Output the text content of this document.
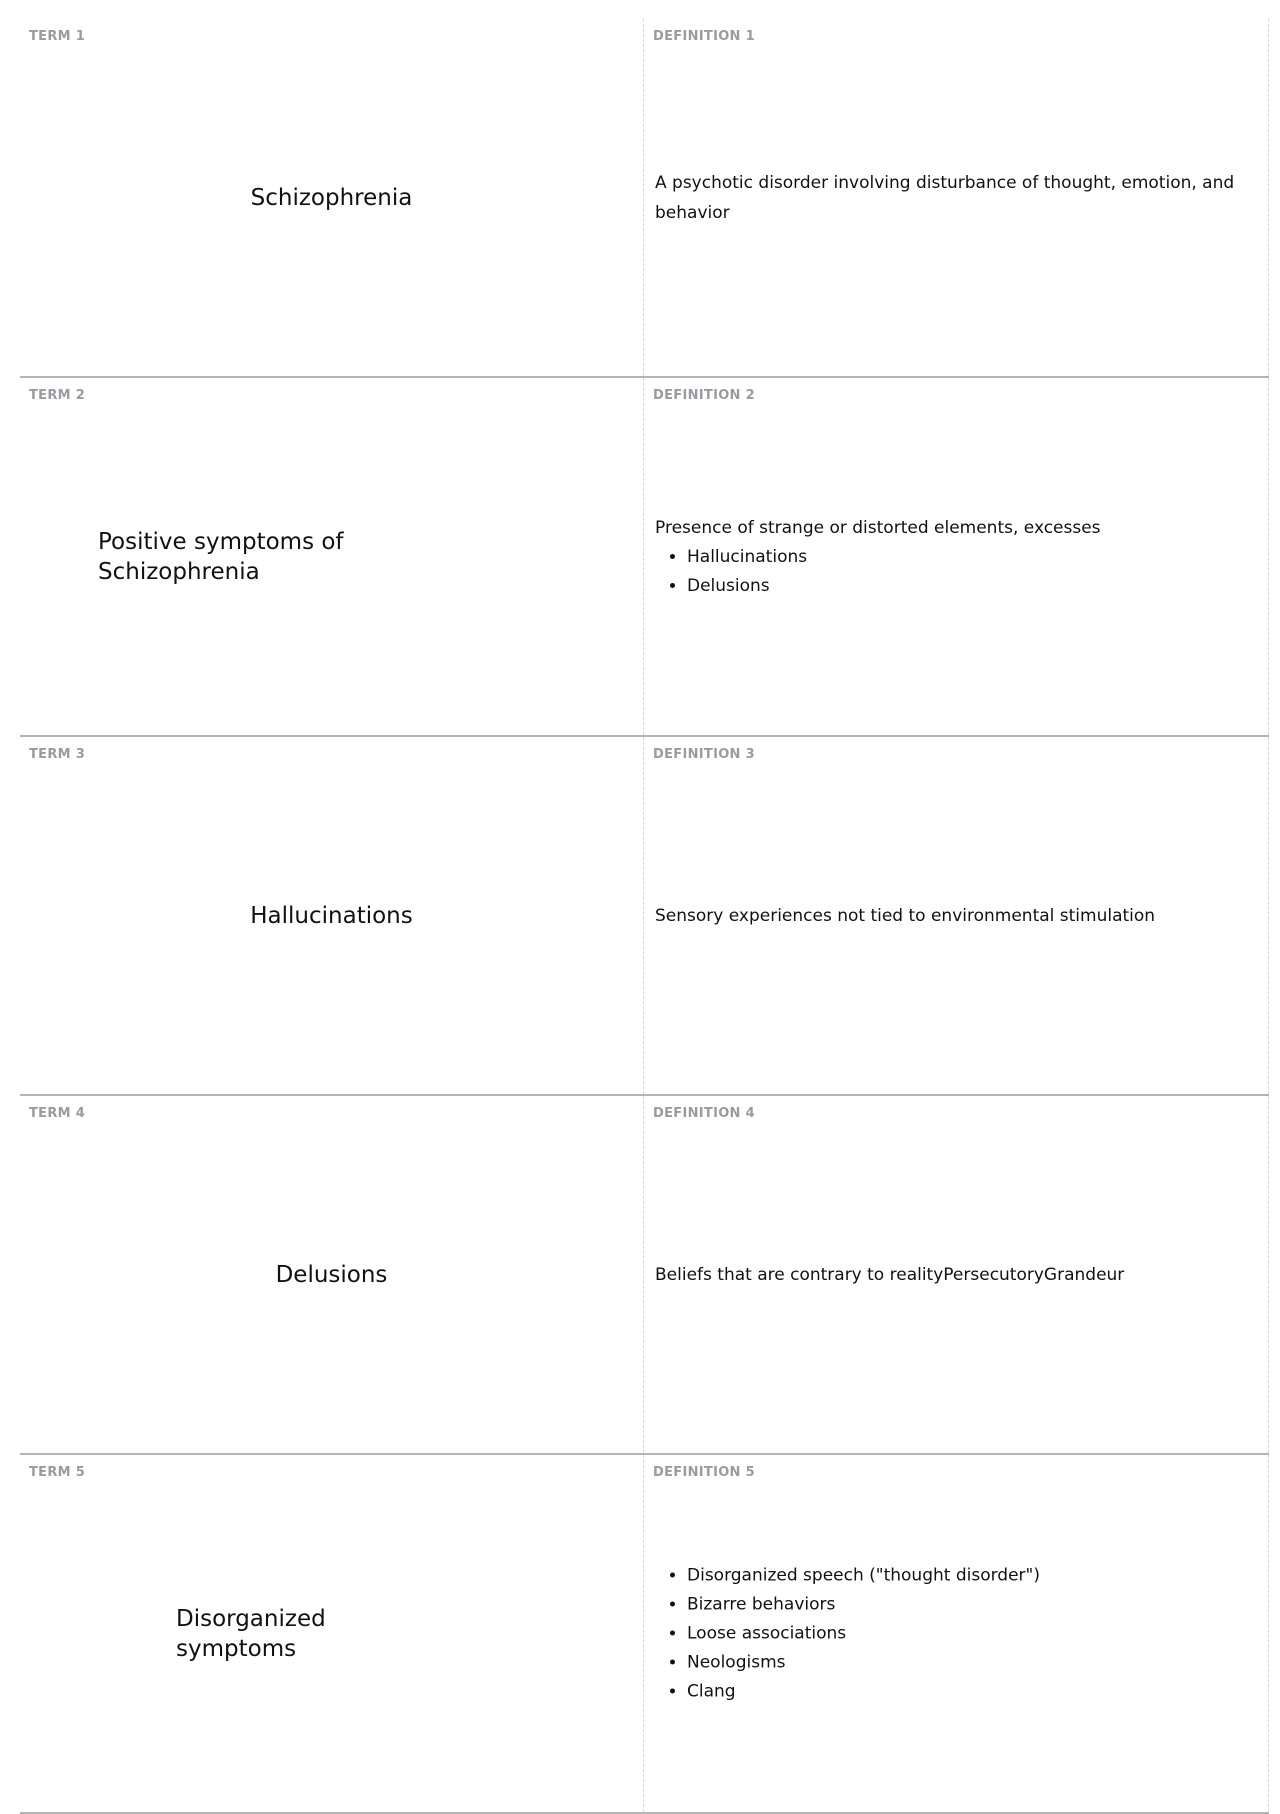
TERM 1
Schizophrenia
DEFINITION 1
A psychotic disorder involving disturbance of thought, emotion, and behavior
TERM 2
Positive symptoms of Schizophrenia
DEFINITION 2
Presence of strange or distorted elements, excesses
• Hallucinations
• Delusions
TERM 3
Hallucinations
DEFINITION 3
Sensory experiences not tied to environmental stimulation
TERM 4
Delusions
DEFINITION 4
Beliefs that are contrary to realityPersecutoryGrandeur
TERM 5
Disorganized symptoms
DEFINITION 5
• Disorganized speech ("thought disorder")
• Bizarre behaviors
• Loose associations
• Neologisms
• Clang
